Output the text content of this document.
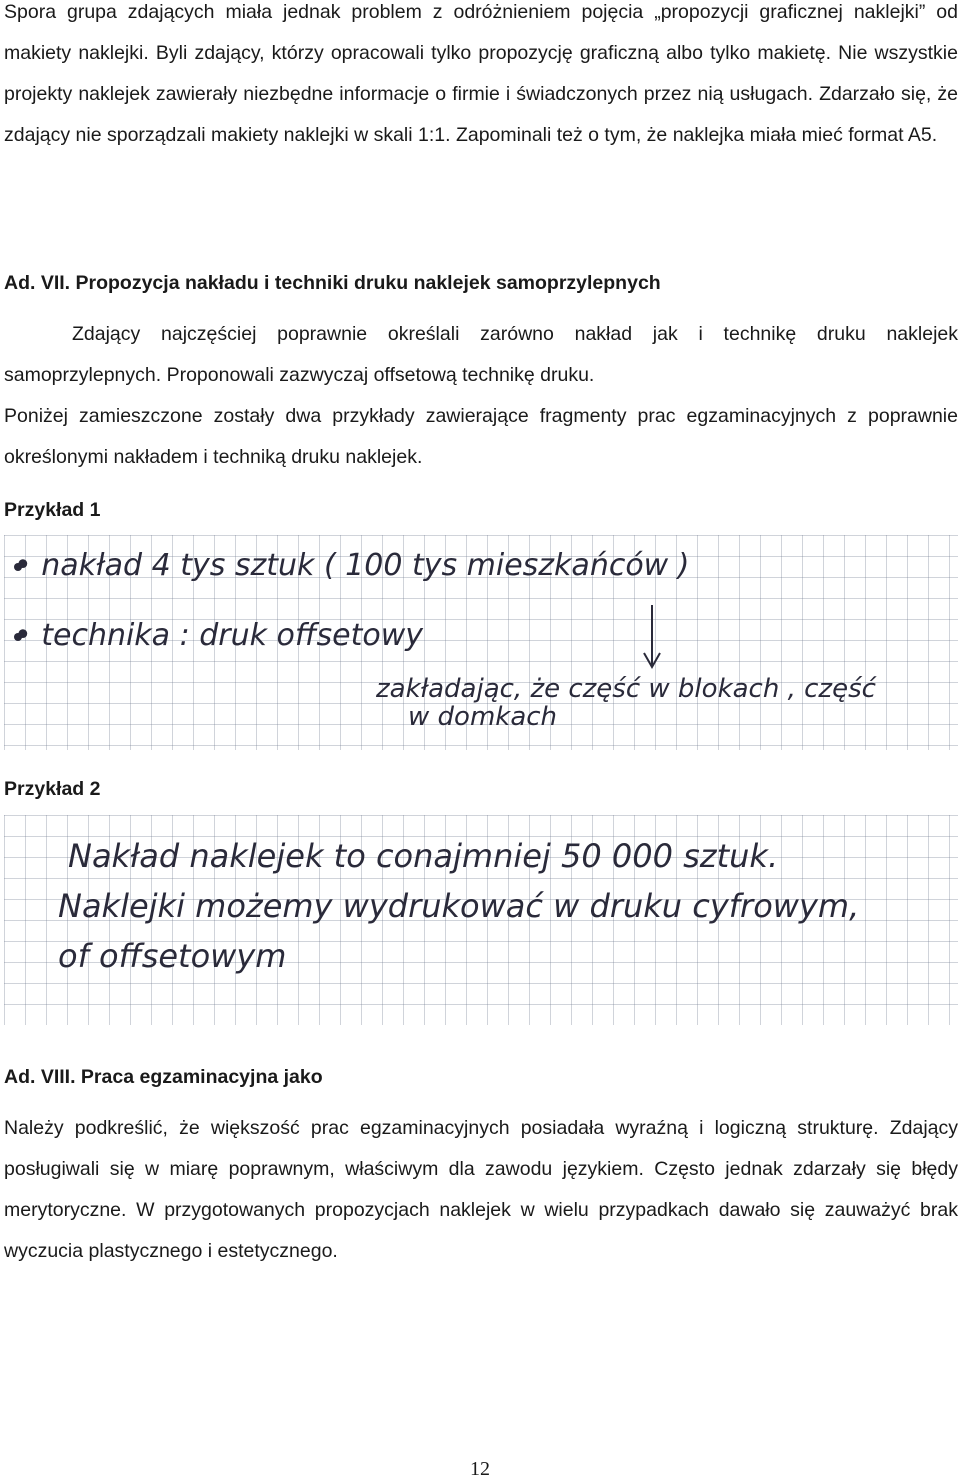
Spora grupa zdających miała jednak problem z odróżnieniem pojęcia „propozycji graficznej naklejki” od makiety naklejki. Byli zdający, którzy opracowali tylko propozycję graficzną albo tylko makietę. Nie wszystkie projekty naklejek zawierały niezbędne informacje o firmie i świadczonych przez nią usługach. Zdarzało się, że zdający nie sporządzali makiety naklejki w skali 1:1. Zapominali też o tym, że naklejka miała mieć format A5.

Ad. VII. Propozycja nakładu i techniki druku naklejek samoprzylepnych

Zdający najczęściej poprawnie określali zarówno nakład jak i technikę druku naklejek samoprzylepnych. Proponowali zazwyczaj offsetową technikę druku.

Poniżej zamieszczone zostały dwa przykłady zawierające fragmenty prac egzaminacyjnych z poprawnie określonymi nakładem i techniką druku naklejek.

Przykład 1

• nakład 4 tys sztuk ( 100 tys mieszkańców )
• technika : druk offsetowy
zakładając, że część w blokach , część
w domkach

Przykład 2

Nakład naklejek to conajmniej 50 000 sztuk.
Naklejki możemy wydrukować w druku cyfrowym,
of offsetowym

Ad. VIII. Praca egzaminacyjna jako

Należy podkreślić, że większość prac egzaminacyjnych posiadała wyraźną i logiczną strukturę. Zdający posługiwali się w miarę poprawnym, właściwym dla zawodu językiem. Często jednak zdarzały się błędy merytoryczne. W przygotowanych propozycjach naklejek w wielu przypadkach dawało się zauważyć brak wyczucia plastycznego i estetycznego.

12
